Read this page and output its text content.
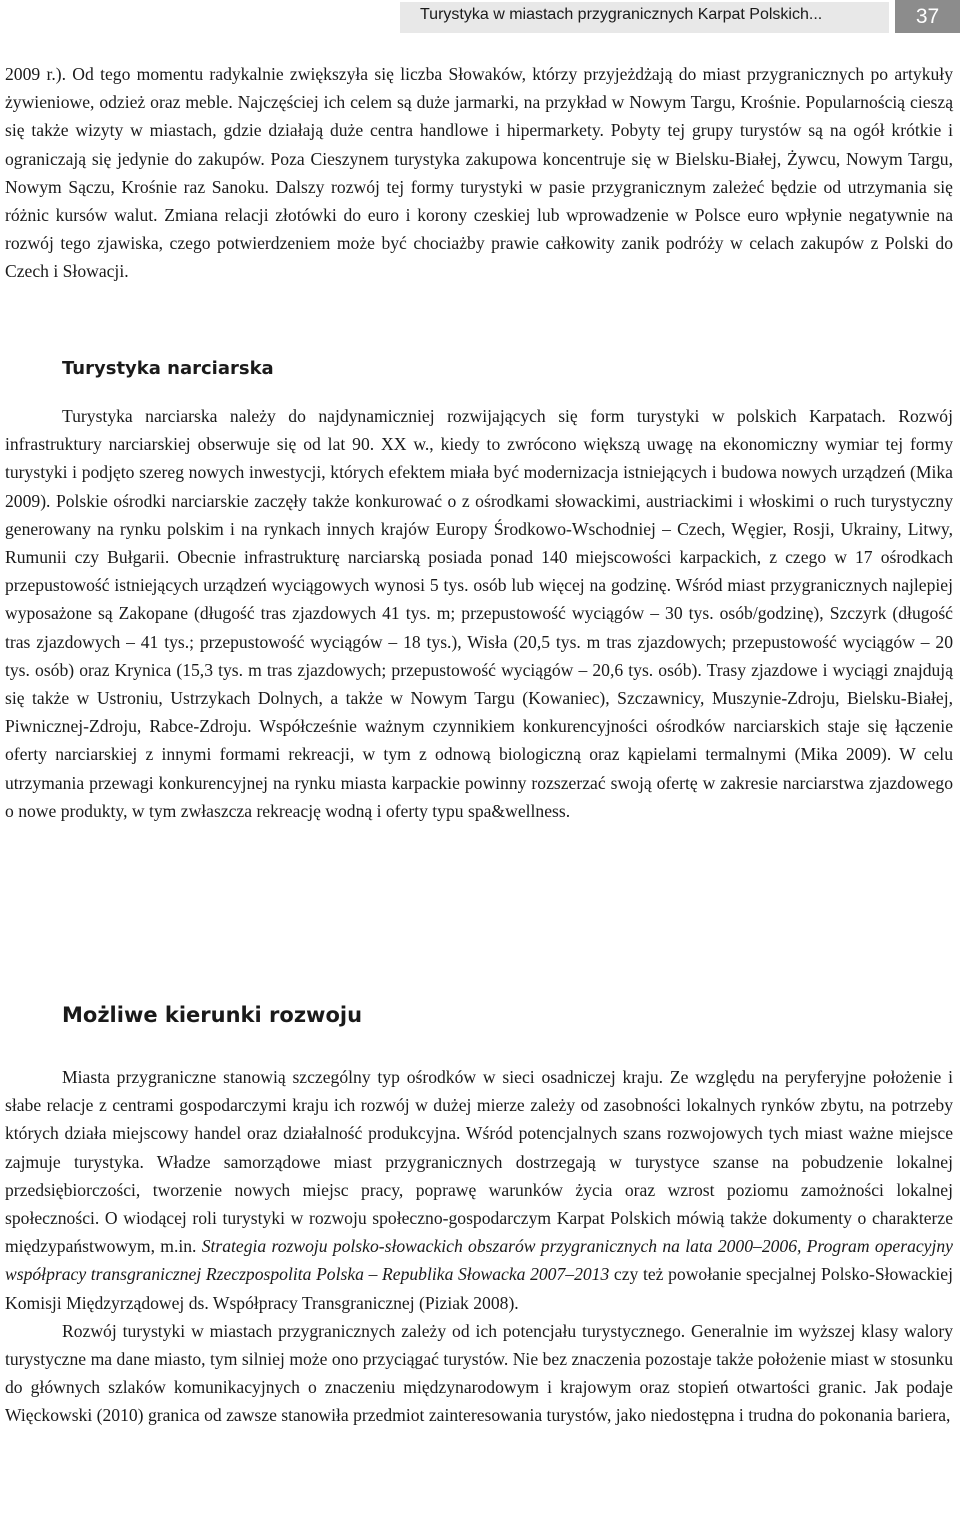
Turystyka w miastach przygranicznych Karpat Polskich...	37

2009 r.). Od tego momentu radykalnie zwiększyła się liczba Słowaków, którzy przyjeżdżają do miast przygranicznych po artykuły żywieniowe, odzież oraz meble. Najczęściej ich celem są duże jarmarki, na przykład w Nowym Targu, Krośnie. Popularnością cieszą się także wizyty w miastach, gdzie działają duże centra handlowe i hipermarkety. Pobyty tej grupy turystów są na ogół krótkie i ograniczają się jedynie do zakupów. Poza Cieszynem turystyka zakupowa koncentruje się w Bielsku-Białej, Żywcu, Nowym Targu, Nowym Sączu, Krośnie raz Sanoku. Dalszy rozwój tej formy turystyki w pasie przygranicznym zależeć będzie od utrzymania się różnic kursów walut. Zmiana relacji złotówki do euro i korony czeskiej lub wprowadzenie w Polsce euro wpłynie negatywnie na rozwój tego zjawiska, czego potwierdzeniem może być chociażby prawie całkowity zanik podróży w celach zakupów z Polski do Czech i Słowacji.

Turystyka narciarska

Turystyka narciarska należy do najdynamiczniej rozwijających się form turystyki w polskich Karpatach. Rozwój infrastruktury narciarskiej obserwuje się od lat 90. XX w., kiedy to zwrócono większą uwagę na ekonomiczny wymiar tej formy turystyki i podjęto szereg nowych inwestycji, których efektem miała być modernizacja istniejących i budowa nowych urządzeń (Mika 2009). Polskie ośrodki narciarskie zaczęły także konkurować o z ośrodkami słowackimi, austriackimi i włoskimi o ruch turystyczny generowany na rynku polskim i na rynkach innych krajów Europy Środkowo-Wschodniej – Czech, Węgier, Rosji, Ukrainy, Litwy, Rumunii czy Bułgarii. Obecnie infrastrukturę narciarską posiada ponad 140 miejscowości karpackich, z czego w 17 ośrodkach przepustowość istniejących urządzeń wyciągowych wynosi 5 tys. osób lub więcej na godzinę. Wśród miast przygranicznych najlepiej wyposażone są Zakopane (długość tras zjazdowych 41 tys. m; przepustowość wyciągów – 30 tys. osób/godzinę), Szczyrk (długość tras zjazdowych – 41 tys.; przepustowość wyciągów – 18 tys.), Wisła (20,5 tys. m tras zjazdowych; przepustowość wyciągów – 20 tys. osób) oraz Krynica (15,3 tys. m tras zjazdowych; przepustowość wyciągów – 20,6 tys. osób). Trasy zjazdowe i wyciągi znajdują się także w Ustroniu, Ustrzykach Dolnych, a także w Nowym Targu (Kowaniec), Szczawnicy, Muszynie-Zdroju, Bielsku-Białej, Piwnicznej-Zdroju, Rabce-Zdroju. Współcześnie ważnym czynnikiem konkurencyjności ośrodków narciarskich staje się łączenie oferty narciarskiej z innymi formami rekreacji, w tym z odnową biologiczną oraz kąpielami termalnymi (Mika 2009). W celu utrzymania przewagi konkurencyjnej na rynku miasta karpackie powinny rozszerzać swoją ofertę w zakresie narciarstwa zjazdowego o nowe produkty, w tym zwłaszcza rekreację wodną i oferty typu spa&wellness.

Możliwe kierunki rozwoju

Miasta przygraniczne stanowią szczególny typ ośrodków w sieci osadniczej kraju. Ze względu na peryferyjne położenie i słabe relacje z centrami gospodarczymi kraju ich rozwój w dużej mierze zależy od zasobności lokalnych rynków zbytu, na potrzeby których działa miejscowy handel oraz działalność produkcyjna. Wśród potencjalnych szans rozwojowych tych miast ważne miejsce zajmuje turystyka. Władze samorządowe miast przygranicznych dostrzegają w turystyce szanse na pobudzenie lokalnej przedsiębiorczości, tworzenie nowych miejsc pracy, poprawę warunków życia oraz wzrost poziomu zamożności lokalnej społeczności. O wiodącej roli turystyki w rozwoju społeczno-gospodarczym Karpat Polskich mówią także dokumenty o charakterze międzypaństwowym, m.in. Strategia rozwoju polsko-słowackich obszarów przygranicznych na lata 2000–2006, Program operacyjny współpracy transgranicznej Rzeczpospolita Polska – Republika Słowacka 2007–2013 czy też powołanie specjalnej Polsko-Słowackiej Komisji Międzyrządowej ds. Współpracy Transgranicznej (Piziak 2008).

Rozwój turystyki w miastach przygranicznych zależy od ich potencjału turystycznego. Generalnie im wyższej klasy walory turystyczne ma dane miasto, tym silniej może ono przyciągać turystów. Nie bez znaczenia pozostaje także położenie miast w stosunku do głównych szlaków komunikacyjnych o znaczeniu międzynarodowym i krajowym oraz stopień otwartości granic. Jak podaje Więckowski (2010) granica od zawsze stanowiła przedmiot zainteresowania turystów, jako niedostępna i trudna do pokonania bariera,
